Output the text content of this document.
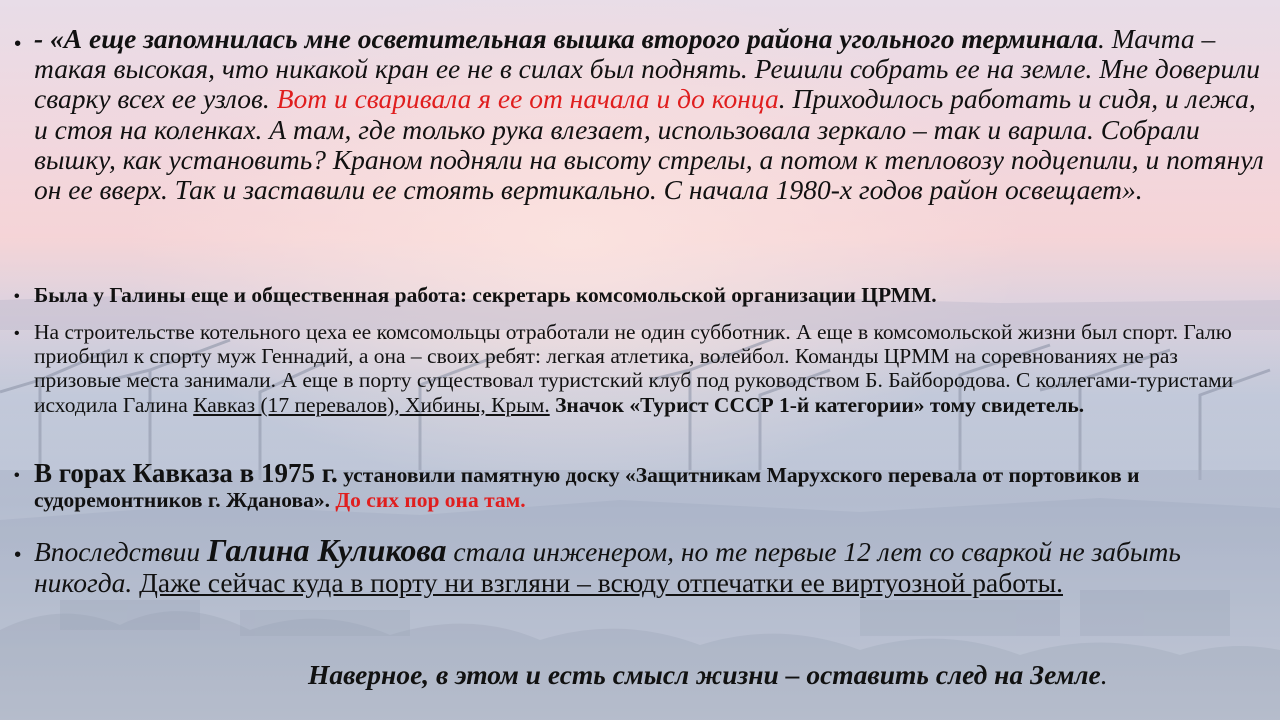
• - «А еще запомнилась мне осветительная вышка второго района угольного терминала. Мачта – такая высокая, что никакой кран ее не в силах был поднять. Решили собрать ее на земле. Мне доверили сварку всех ее узлов. Вот и сваривала я ее от начала и до конца. Приходилось работать и сидя, и лежа, и стоя на коленках. А там, где только рука влезает, использовала зеркало – так и варила. Собрали вышку, как установить? Краном подняли на высоту стрелы, а потом к тепловозу подцепили, и потянул он ее вверх. Так и заставили ее стоять вертикально. С начала 1980-х годов район освещает».
• Была у Галины еще и общественная работа: секретарь комсомольской организации ЦРММ.
• На строительстве котельного цеха ее комсомольцы отработали не один субботник. А еще в комсомольской жизни был спорт. Галю приобщил к спорту муж Геннадий, а она – своих ребят: легкая атлетика, волейбол. Команды ЦРММ на соревнованиях не раз призовые места занимали. А еще в порту существовал туристский клуб под руководством Б. Байбородова. С коллегами-туристами исходила Галина Кавказ (17 перевалов), Хибины, Крым. Значок «Турист СССР 1-й категории» тому свидетель.
• В горах Кавказа в 1975 г. установили памятную доску «Защитникам Марухского перевала от портовиков и судоремонтников г. Жданова». До сих пор она там.
• Впоследствии Галина Куликова стала инженером, но те первые 12 лет со сваркой не забыть никогда. Даже сейчас куда в порту ни взгляни – всюду отпечатки ее виртуозной работы.
Наверное, в этом и есть смысл жизни – оставить след на Земле.
